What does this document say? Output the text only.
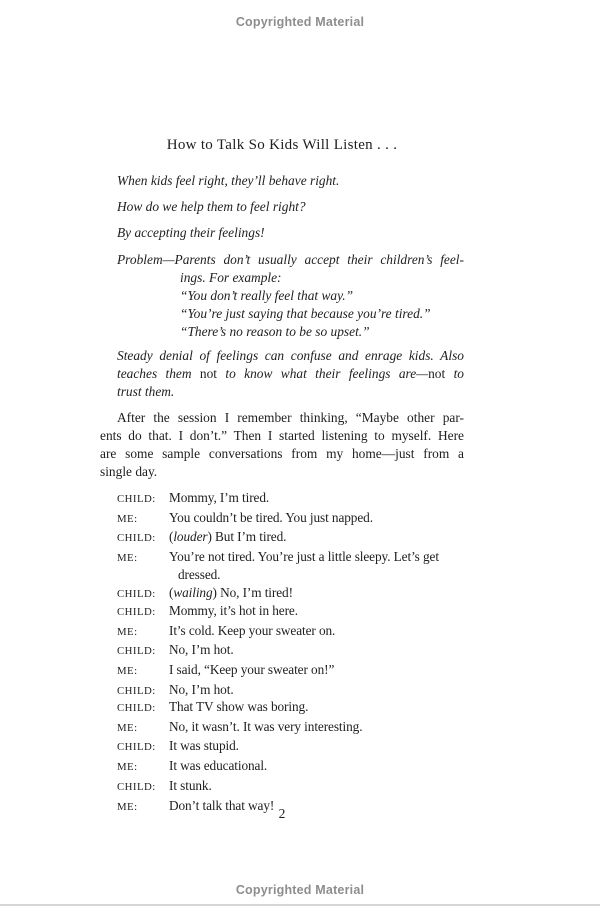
Copyrighted Material
How to Talk So Kids Will Listen . . .
When kids feel right, they’ll behave right.
How do we help them to feel right?
By accepting their feelings!
Problem—Parents don’t usually accept their children’s feel-
ings. For example:
“You don’t really feel that way.”
“You’re just saying that because you’re tired.”
“There’s no reason to be so upset.”
Steady denial of feelings can confuse and enrage kids. Also
teaches them not to know what their feelings are—not to
trust them.
After the session I remember thinking, “Maybe other par-
ents do that. I don’t.” Then I started listening to myself. Here
are some sample conversations from my home—just from a
single day.
CHILD:	Mommy, I’m tired.
ME:	You couldn’t be tired. You just napped.
CHILD:	(louder) But I’m tired.
ME:	You’re not tired. You’re just a little sleepy. Let’s get
dressed.
CHILD:	(wailing) No, I’m tired!
CHILD:	Mommy, it’s hot in here.
ME:	It’s cold. Keep your sweater on.
CHILD:	No, I’m hot.
ME:	I said, “Keep your sweater on!”
CHILD:	No, I’m hot.
CHILD:	That TV show was boring.
ME:	No, it wasn’t. It was very interesting.
CHILD:	It was stupid.
ME:	It was educational.
CHILD:	It stunk.
ME:	Don’t talk that way!
2
Copyrighted Material
